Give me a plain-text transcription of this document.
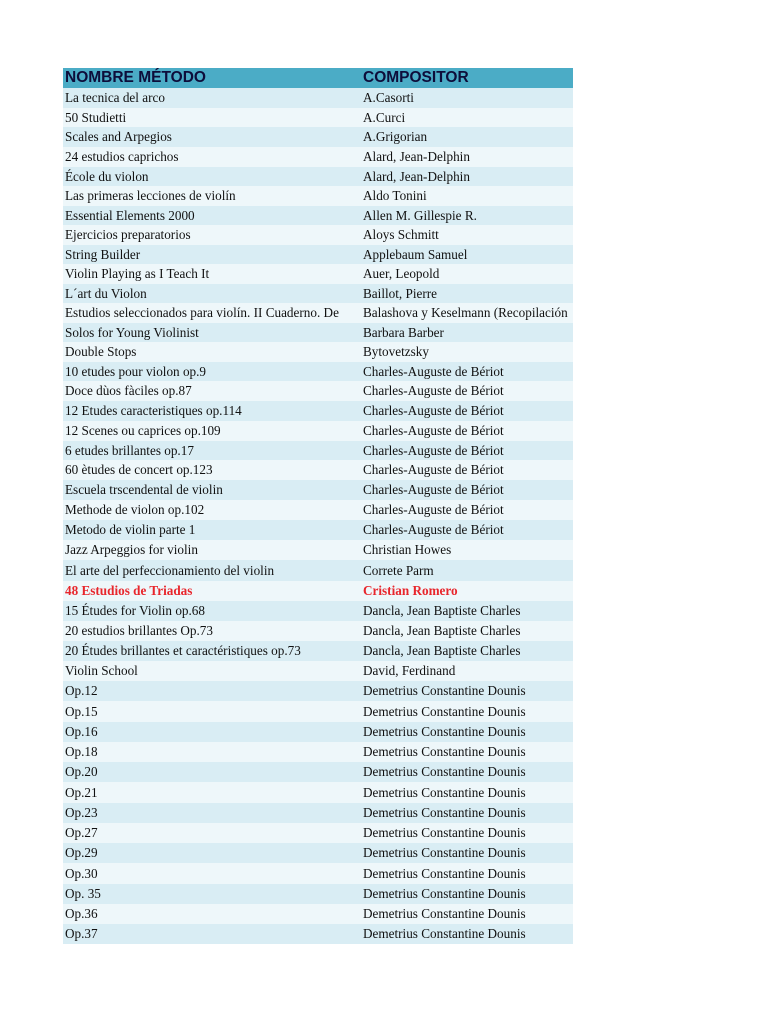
NOMBRE MÉTODO	COMPOSITOR
La tecnica del arco	A.Casorti
50 Studietti	A.Curci
Scales and Arpegios	A.Grigorian
24 estudios caprichos	Alard, Jean-Delphin
École du violon	Alard, Jean-Delphin
Las primeras lecciones de violín	Aldo Tonini
Essential Elements 2000	Allen M. Gillespie R.
Ejercicios preparatorios	Aloys Schmitt
String Builder	Applebaum Samuel
Violin Playing as I Teach It	Auer, Leopold
L´art du Violon	Baillot, Pierre
Estudios seleccionados para violín. II Cuaderno. De	Balashova y Keselmann (Recopilación
Solos for Young Violinist	Barbara Barber
Double Stops	Bytovetzsky
10 etudes pour violon op.9	Charles-Auguste de Bériot
Doce dùos fàciles op.87	Charles-Auguste de Bériot
12 Etudes caracteristiques op.114	Charles-Auguste de Bériot
12 Scenes ou caprices op.109	Charles-Auguste de Bériot
6 etudes brillantes op.17	Charles-Auguste de Bériot
60 ètudes de concert op.123	Charles-Auguste de Bériot
Escuela trscendental de violin	Charles-Auguste de Bériot
Methode de violon op.102	Charles-Auguste de Bériot
Metodo de violin parte 1	Charles-Auguste de Bériot
Jazz Arpeggios for violin	Christian Howes
El arte del perfeccionamiento del violin	Correte Parm
48 Estudios de Triadas	Cristian Romero
15 Études for Violin op.68	Dancla, Jean Baptiste Charles
20 estudios brillantes Op.73	Dancla, Jean Baptiste Charles
20 Études brillantes et caractéristiques op.73	Dancla, Jean Baptiste Charles
Violin School	David, Ferdinand
Op.12	Demetrius Constantine Dounis
Op.15	Demetrius Constantine Dounis
Op.16	Demetrius Constantine Dounis
Op.18	Demetrius Constantine Dounis
Op.20	Demetrius Constantine Dounis
Op.21	Demetrius Constantine Dounis
Op.23	Demetrius Constantine Dounis
Op.27	Demetrius Constantine Dounis
Op.29	Demetrius Constantine Dounis
Op.30	Demetrius Constantine Dounis
Op. 35	Demetrius Constantine Dounis
Op.36	Demetrius Constantine Dounis
Op.37	Demetrius Constantine Dounis
